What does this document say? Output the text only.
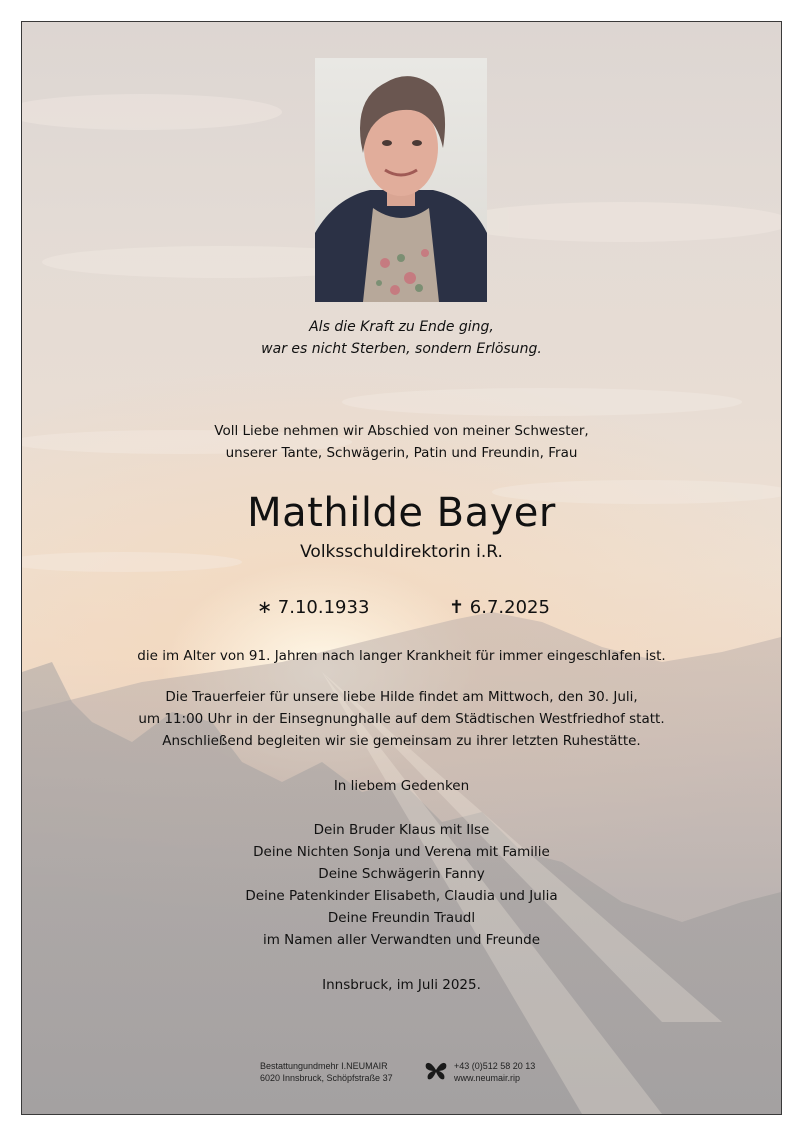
Als die Kraft zu Ende ging,
war es nicht Sterben, sondern Erlösung.
Voll Liebe nehmen wir Abschied von meiner Schwester,
unserer Tante, Schwägerin, Patin und Freundin, Frau
Mathilde Bayer
Volksschuldirektorin i.R.
∗ 7.10.1933	✝ 6.7.2025
die im Alter von 91. Jahren nach langer Krankheit für immer eingeschlafen ist.
Die Trauerfeier für unsere liebe Hilde findet am Mittwoch, den 30. Juli,
um 11:00 Uhr in der Einsegnunghalle auf dem Städtischen Westfriedhof statt.
Anschließend begleiten wir sie gemeinsam zu ihrer letzten Ruhestätte.
In liebem Gedenken
Dein Bruder Klaus mit Ilse
Deine Nichten Sonja und Verena mit Familie
Deine Schwägerin Fanny
Deine Patenkinder Elisabeth, Claudia und Julia
Deine Freundin Traudl
im Namen aller Verwandten und Freunde
Innsbruck, im Juli 2025.
Bestattungundmehr I.NEUMAIR
6020 Innsbruck, Schöpfstraße 37
+43 (0)512 58 20 13
www.neumair.rip
